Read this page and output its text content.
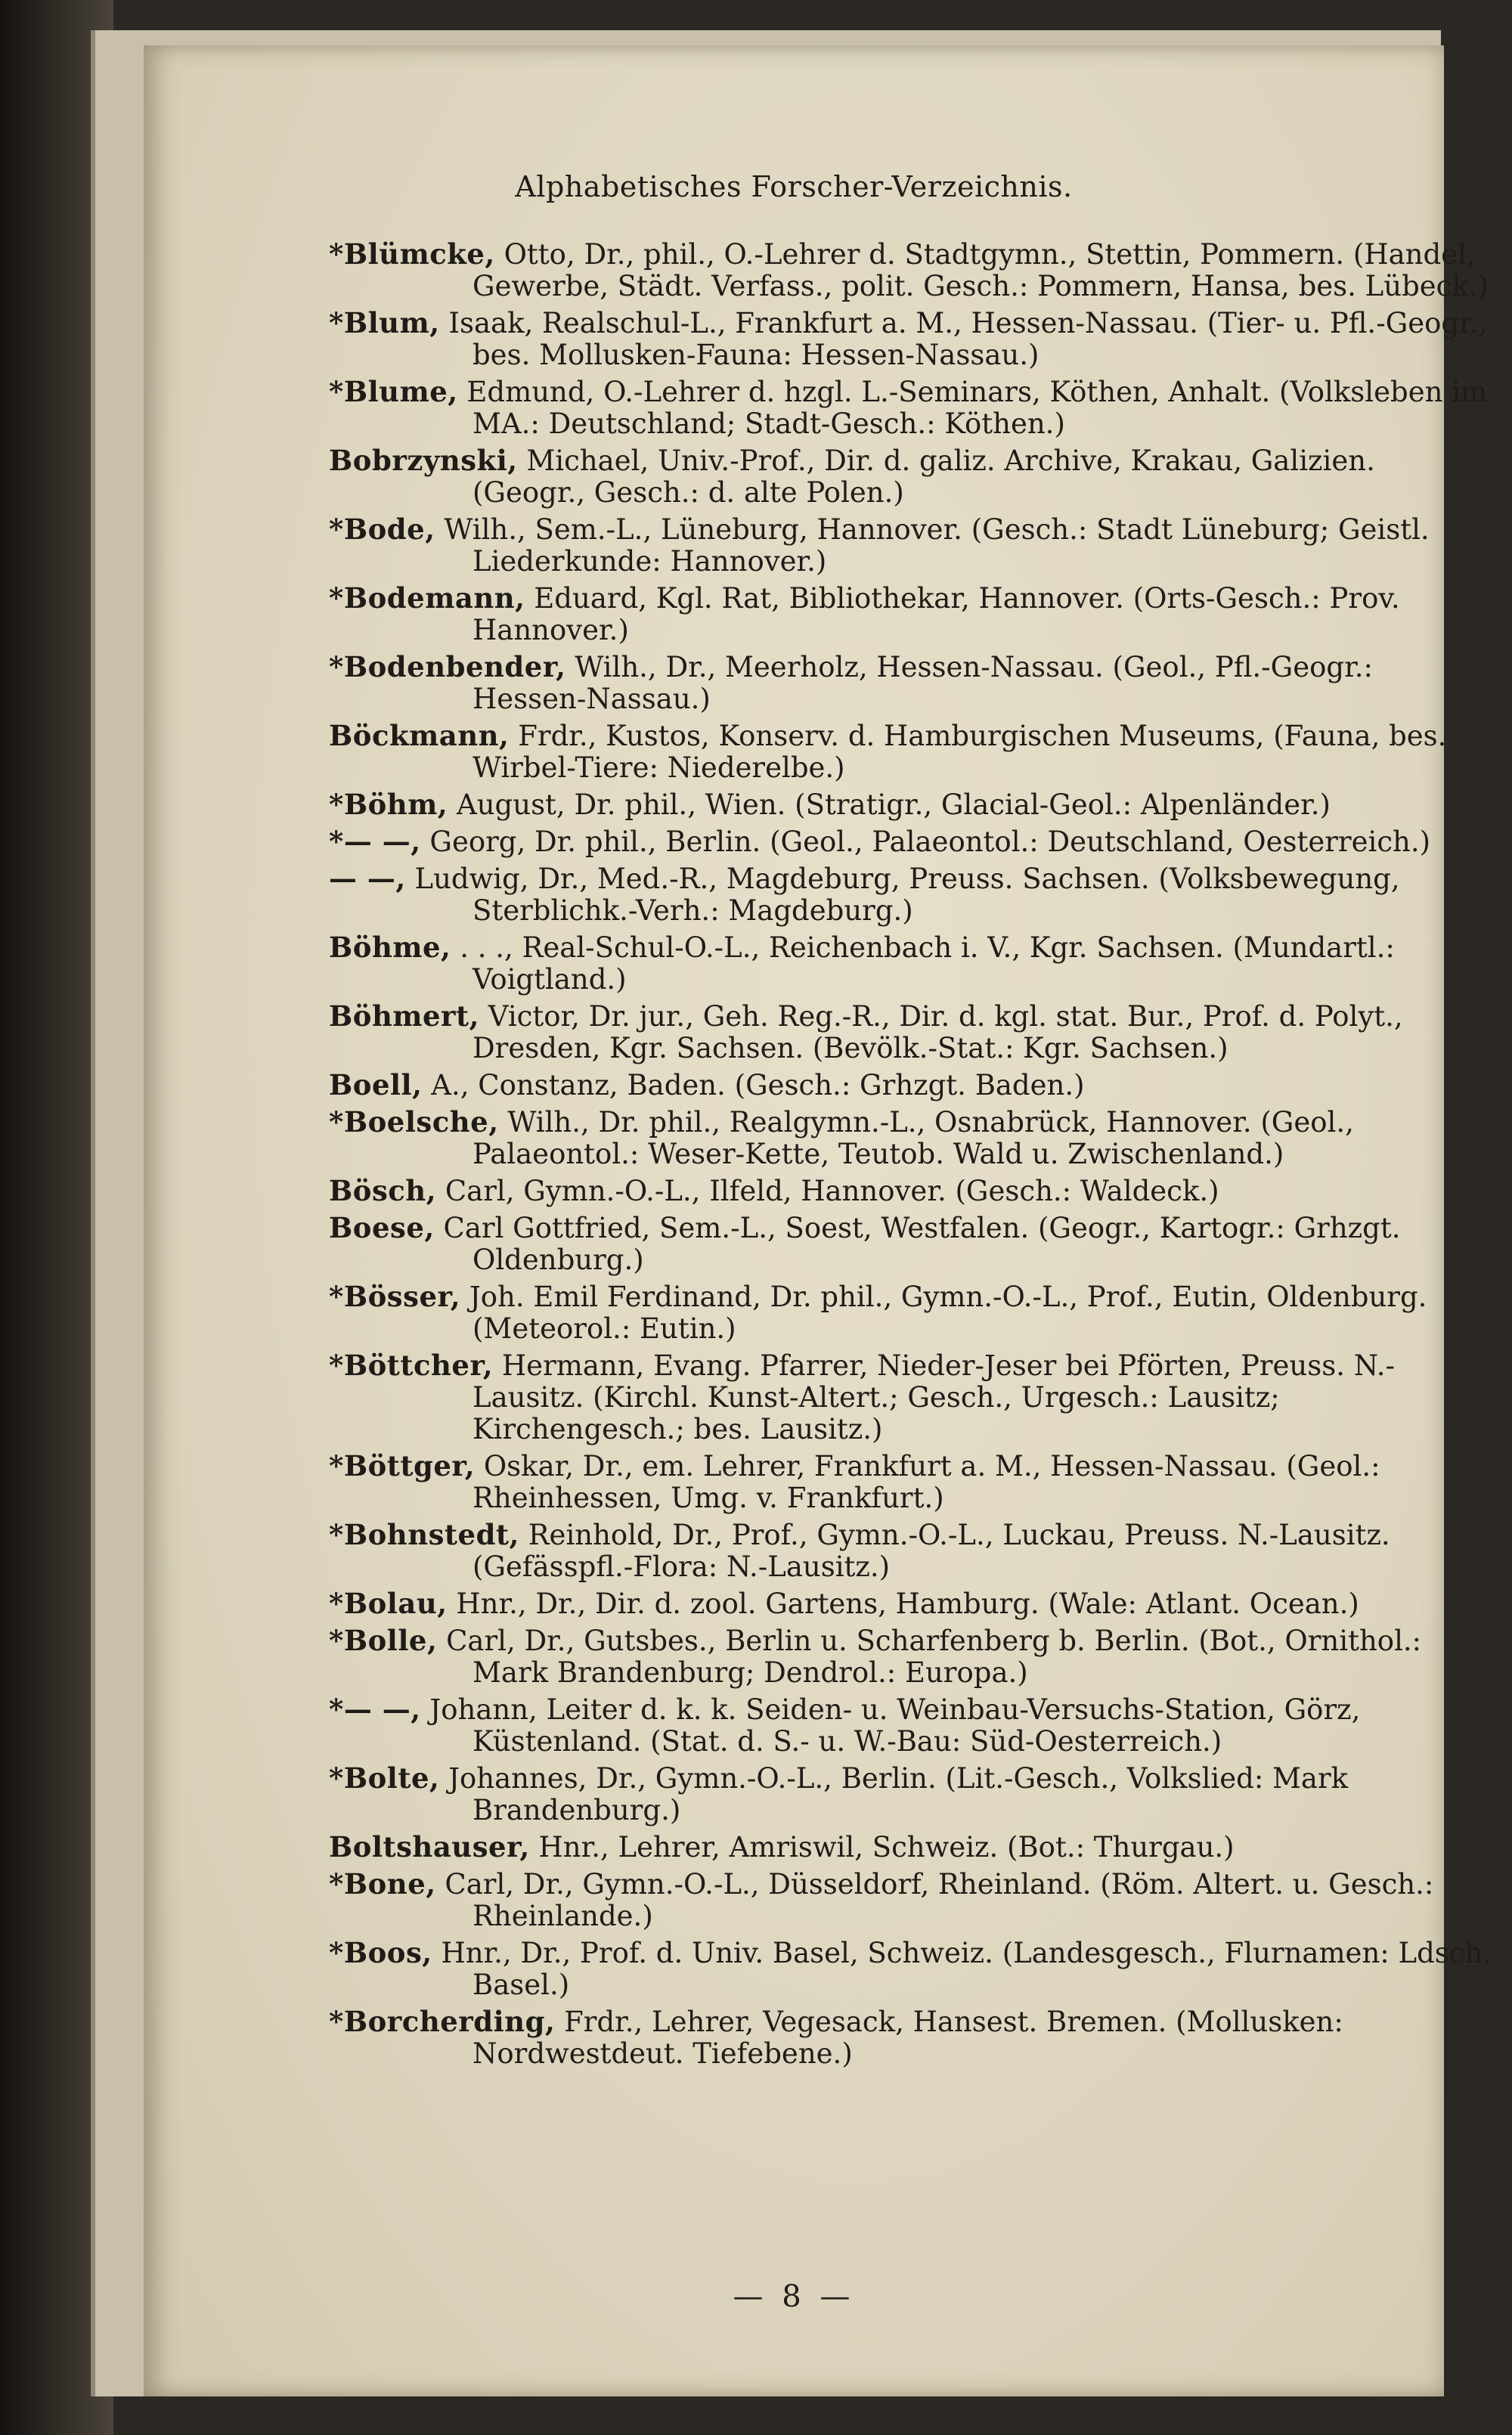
Alphabetisches Forscher-Verzeichnis.
*Blümcke, Otto, Dr., phil., O.-Lehrer d. Stadtgymn., Stettin, Pommern. (Handel, Gewerbe, Städt. Verfass., polit. Gesch.: Pommern, Hansa, bes. Lübeck.)
*Blum, Isaak, Realschul-L., Frankfurt a. M., Hessen-Nassau. (Tier- u. Pfl.-Geogr., bes. Mollusken-Fauna: Hessen-Nassau.)
*Blume, Edmund, O.-Lehrer d. hzgl. L.-Seminars, Köthen, Anhalt. (Volksleben im MA.: Deutschland; Stadt-Gesch.: Köthen.)
Bobrzynski, Michael, Univ.-Prof., Dir. d. galiz. Archive, Krakau, Galizien. (Geogr., Gesch.: d. alte Polen.)
*Bode, Wilh., Sem.-L., Lüneburg, Hannover. (Gesch.: Stadt Lüneburg; Geistl. Liederkunde: Hannover.)
*Bodemann, Eduard, Kgl. Rat, Bibliothekar, Hannover. (Orts-Gesch.: Prov. Hannover.)
*Bodenbender, Wilh., Dr., Meerholz, Hessen-Nassau. (Geol., Pfl.-Geogr.: Hessen-Nassau.)
Böckmann, Frdr., Kustos, Konserv. d. Hamburgischen Museums, (Fauna, bes. Wirbel-Tiere: Niederelbe.)
*Böhm, August, Dr. phil., Wien. (Stratigr., Glacial-Geol.: Alpenländer.)
*— —, Georg, Dr. phil., Berlin. (Geol., Palaeontol.: Deutschland, Oesterreich.)
— —, Ludwig, Dr., Med.-R., Magdeburg, Preuss. Sachsen. (Volksbewegung, Sterblichk.-Verh.: Magdeburg.)
Böhme, . . ., Real-Schul-O.-L., Reichenbach i. V., Kgr. Sachsen. (Mundartl.: Voigtland.)
Böhmert, Victor, Dr. jur., Geh. Reg.-R., Dir. d. kgl. stat. Bur., Prof. d. Polyt., Dresden, Kgr. Sachsen. (Bevölk.-Stat.: Kgr. Sachsen.)
Boell, A., Constanz, Baden. (Gesch.: Grhzgt. Baden.)
*Boelsche, Wilh., Dr. phil., Realgymn.-L., Osnabrück, Hannover. (Geol., Palaeontol.: Weser-Kette, Teutob. Wald u. Zwischenland.)
Bösch, Carl, Gymn.-O.-L., Ilfeld, Hannover. (Gesch.: Waldeck.)
Boese, Carl Gottfried, Sem.-L., Soest, Westfalen. (Geogr., Kartogr.: Grhzgt. Oldenburg.)
*Bösser, Joh. Emil Ferdinand, Dr. phil., Gymn.-O.-L., Prof., Eutin, Oldenburg. (Meteorol.: Eutin.)
*Böttcher, Hermann, Evang. Pfarrer, Nieder-Jeser bei Pförten, Preuss. N.-Lausitz. (Kirchl. Kunst-Altert.; Gesch., Urgesch.: Lausitz; Kirchengesch.; bes. Lausitz.)
*Böttger, Oskar, Dr., em. Lehrer, Frankfurt a. M., Hessen-Nassau. (Geol.: Rheinhessen, Umg. v. Frankfurt.)
*Bohnstedt, Reinhold, Dr., Prof., Gymn.-O.-L., Luckau, Preuss. N.-Lausitz. (Gefässpfl.-Flora: N.-Lausitz.)
*Bolau, Hnr., Dr., Dir. d. zool. Gartens, Hamburg. (Wale: Atlant. Ocean.)
*Bolle, Carl, Dr., Gutsbes., Berlin u. Scharfenberg b. Berlin. (Bot., Ornithol.: Mark Brandenburg; Dendrol.: Europa.)
*— —, Johann, Leiter d. k. k. Seiden- u. Weinbau-Versuchs-Station, Görz, Küstenland. (Stat. d. S.- u. W.-Bau: Süd-Oesterreich.)
*Bolte, Johannes, Dr., Gymn.-O.-L., Berlin. (Lit.-Gesch., Volkslied: Mark Brandenburg.)
Boltshauser, Hnr., Lehrer, Amriswil, Schweiz. (Bot.: Thurgau.)
*Bone, Carl, Dr., Gymn.-O.-L., Düsseldorf, Rheinland. (Röm. Altert. u. Gesch.: Rheinlande.)
*Boos, Hnr., Dr., Prof. d. Univ. Basel, Schweiz. (Landesgesch., Flurnamen: Ldsch. Basel.)
*Borcherding, Frdr., Lehrer, Vegesack, Hansest. Bremen. (Mollusken: Nordwestdeut. Tiefebene.)
— 8 —
